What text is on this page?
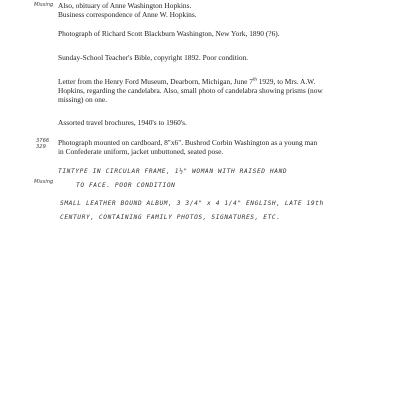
Missing Also, obituary of Anne Washington Hopkins.
Business correspondence of Anne W. Hopkins.
Photograph of Richard Scott Blackburn Washington, New York, 1890 (?6).
Sunday-School Teacher's Bible, copyright 1892. Poor condition.
Letter from the Henry Ford Museum, Dearborn, Michigan, June 7th 1929, to Mrs. A.W.
Hopkins, regarding the candelabra. Also, small photo of candelabra showing prisms (now
missing) on one.
Assorted travel brochures, 1940's to 1960's.
3766
329	Photograph mounted on cardboard, 8"x6". Bushrod Corbin Washington as a young man
in Confederate uniform, jacket unbuttoned, seated pose.
Missing
TINTYPE IN CIRCULAR FRAME, 1½" WOMAN WITH RAISED HAND
TO FACE. POOR CONDITION
SMALL LEATHER BOUND ALBUM, 3 3/4" x 4 1/4" ENGLISH, LATE 19th
CENTURY, CONTAINING FAMILY PHOTOS, SIGNATURES, ETC.
